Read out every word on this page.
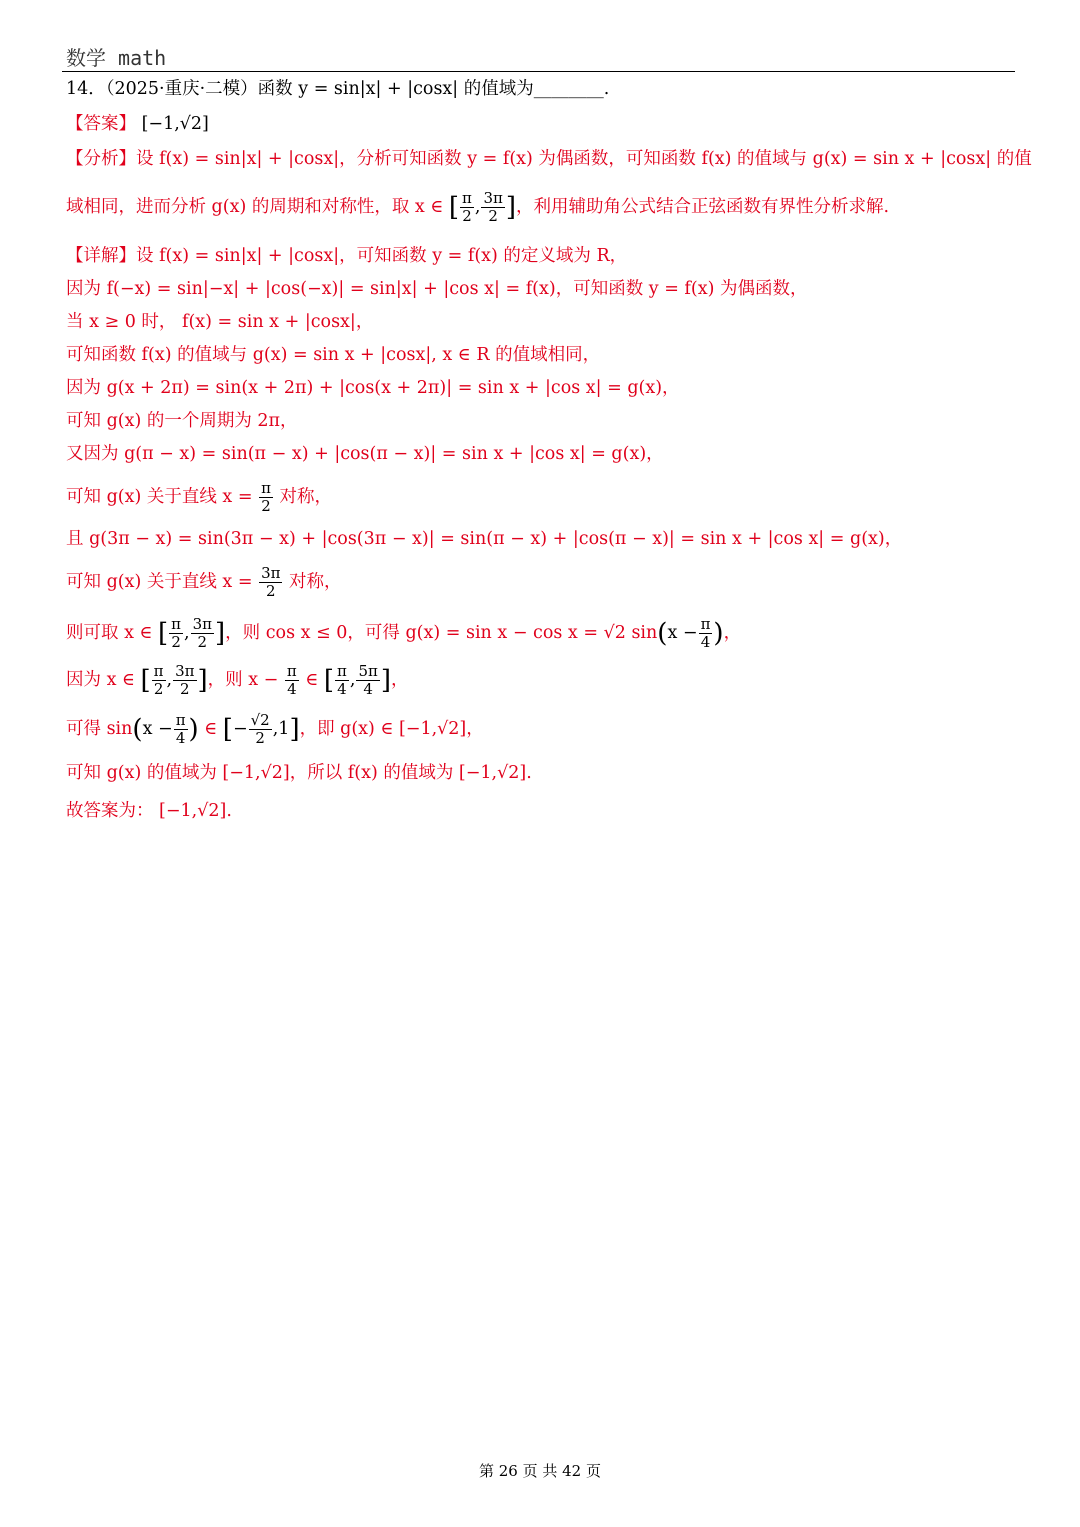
数学 math
14．（2025·重庆·二模）函数 y = sin|x| + |cosx| 的值域为________.
【答案】 [−1,√2]
【分析】设 f(x) = sin|x| + |cosx|，分析可知函数 y = f(x) 为偶函数，可知函数 f(x) 的值域与 g(x) = sin x + |cosx| 的值
域相同，进而分析 g(x) 的周期和对称性，取 x ∈ [ $\frac{\pi}{2}$ , $\frac{3\pi}{2}$ ]，利用辅助角公式结合正弦函数有界性分析求解.
【详解】设 f(x) = sin|x| + |cosx|，可知函数 y = f(x) 的定义域为 R，
因为 f(−x) = sin|−x| + |cos(−x)| = sin|x| + |cos x| = f(x)，可知函数 y = f(x) 为偶函数，
当 x ≥ 0 时， f(x) = sin x + |cosx|，
可知函数 f(x) 的值域与 g(x) = sin x + |cosx|, x ∈ R 的值域相同，
因为 g(x + 2π) = sin(x + 2π) + |cos(x + 2π)| = sin x + |cos x| = g(x)，
可知 g(x) 的一个周期为 2π，
又因为 g(π − x) = sin(π − x) + |cos(π − x)| = sin x + |cos x| = g(x)，
可知 g(x) 关于直线 $x = \frac{\pi}{2}$ 对称，
且 g(3π − x) = sin(3π − x) + |cos(3π − x)| = sin(π − x) + |cos(π − x)| = sin x + |cos x| = g(x)，
可知 g(x) 关于直线 $x = \frac{3\pi}{2}$ 对称，
则可取 x ∈ [ $\frac{\pi}{2}$ , $\frac{3\pi}{2}$ ]，则 cos x ≤ 0，可得 g(x) = sin x − cos x = √2 $\sin(x - \frac{\pi}{4}$ )，
因为 x ∈ [ $\frac{\pi}{2}$ , $\frac{3\pi}{2}$ ]，则 $x - \frac{\pi}{4}$ ∈ [ $\frac{\pi}{4}$ , $\frac{5\pi}{4}$ ]，
可得 $\sin(x - \frac{\pi}{4}$ ) ∈ [− $\frac{√2}{2} ,1$]，即 g(x) ∈ [−1,√2]，
可知 g(x) 的值域为 [−1,√2]，所以 f(x) 的值域为 [−1,√2].
故答案为： [−1,√2].
第 26 页 共 42 页
